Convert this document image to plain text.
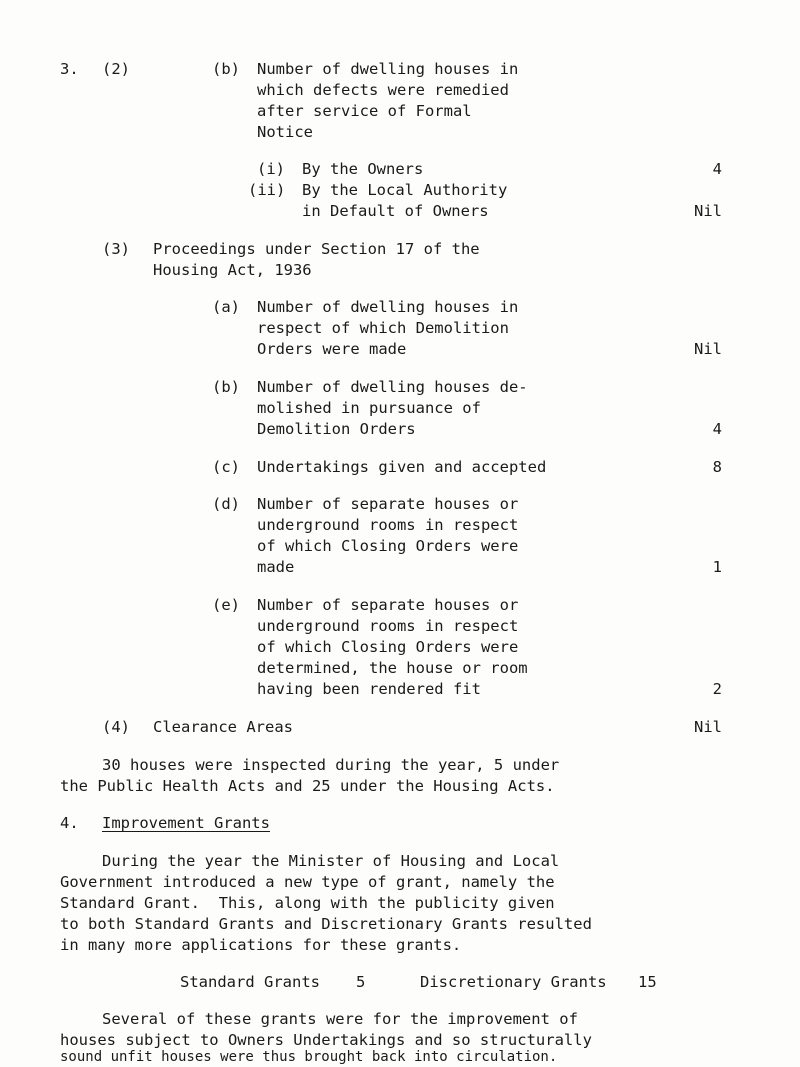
3. (2)	(b) Number of dwelling houses in
which defects were remedied
after service of Formal
Notice
(i) By the Owners	4
(ii) By the Local Authority
in Default of Owners	Nil
(3) Proceedings under Section 17 of the
Housing Act, 1936
(a) Number of dwelling houses in
respect of which Demolition
Orders were made	Nil
(b) Number of dwelling houses de-
molished in pursuance of
Demolition Orders	4
(c) Undertakings given and accepted	8
(d) Number of separate houses or
underground rooms in respect
of which Closing Orders were
made	1
(e) Number of separate houses or
underground rooms in respect
of which Closing Orders were
determined, the house or room
having been rendered fit	2
(4) Clearance Areas	Nil
30 houses were inspected during the year, 5 under
the Public Health Acts and 25 under the Housing Acts.
4. Improvement Grants
During the year the Minister of Housing and Local
Government introduced a new type of grant, namely the
Standard Grant.  This, along with the publicity given
to both Standard Grants and Discretionary Grants resulted
in many more applications for these grants.
Standard Grants 5	Discretionary Grants 15
Several of these grants were for the improvement of
houses subject to Owners Undertakings and so structurally
sound unfit houses were thus brought back into circulation.
